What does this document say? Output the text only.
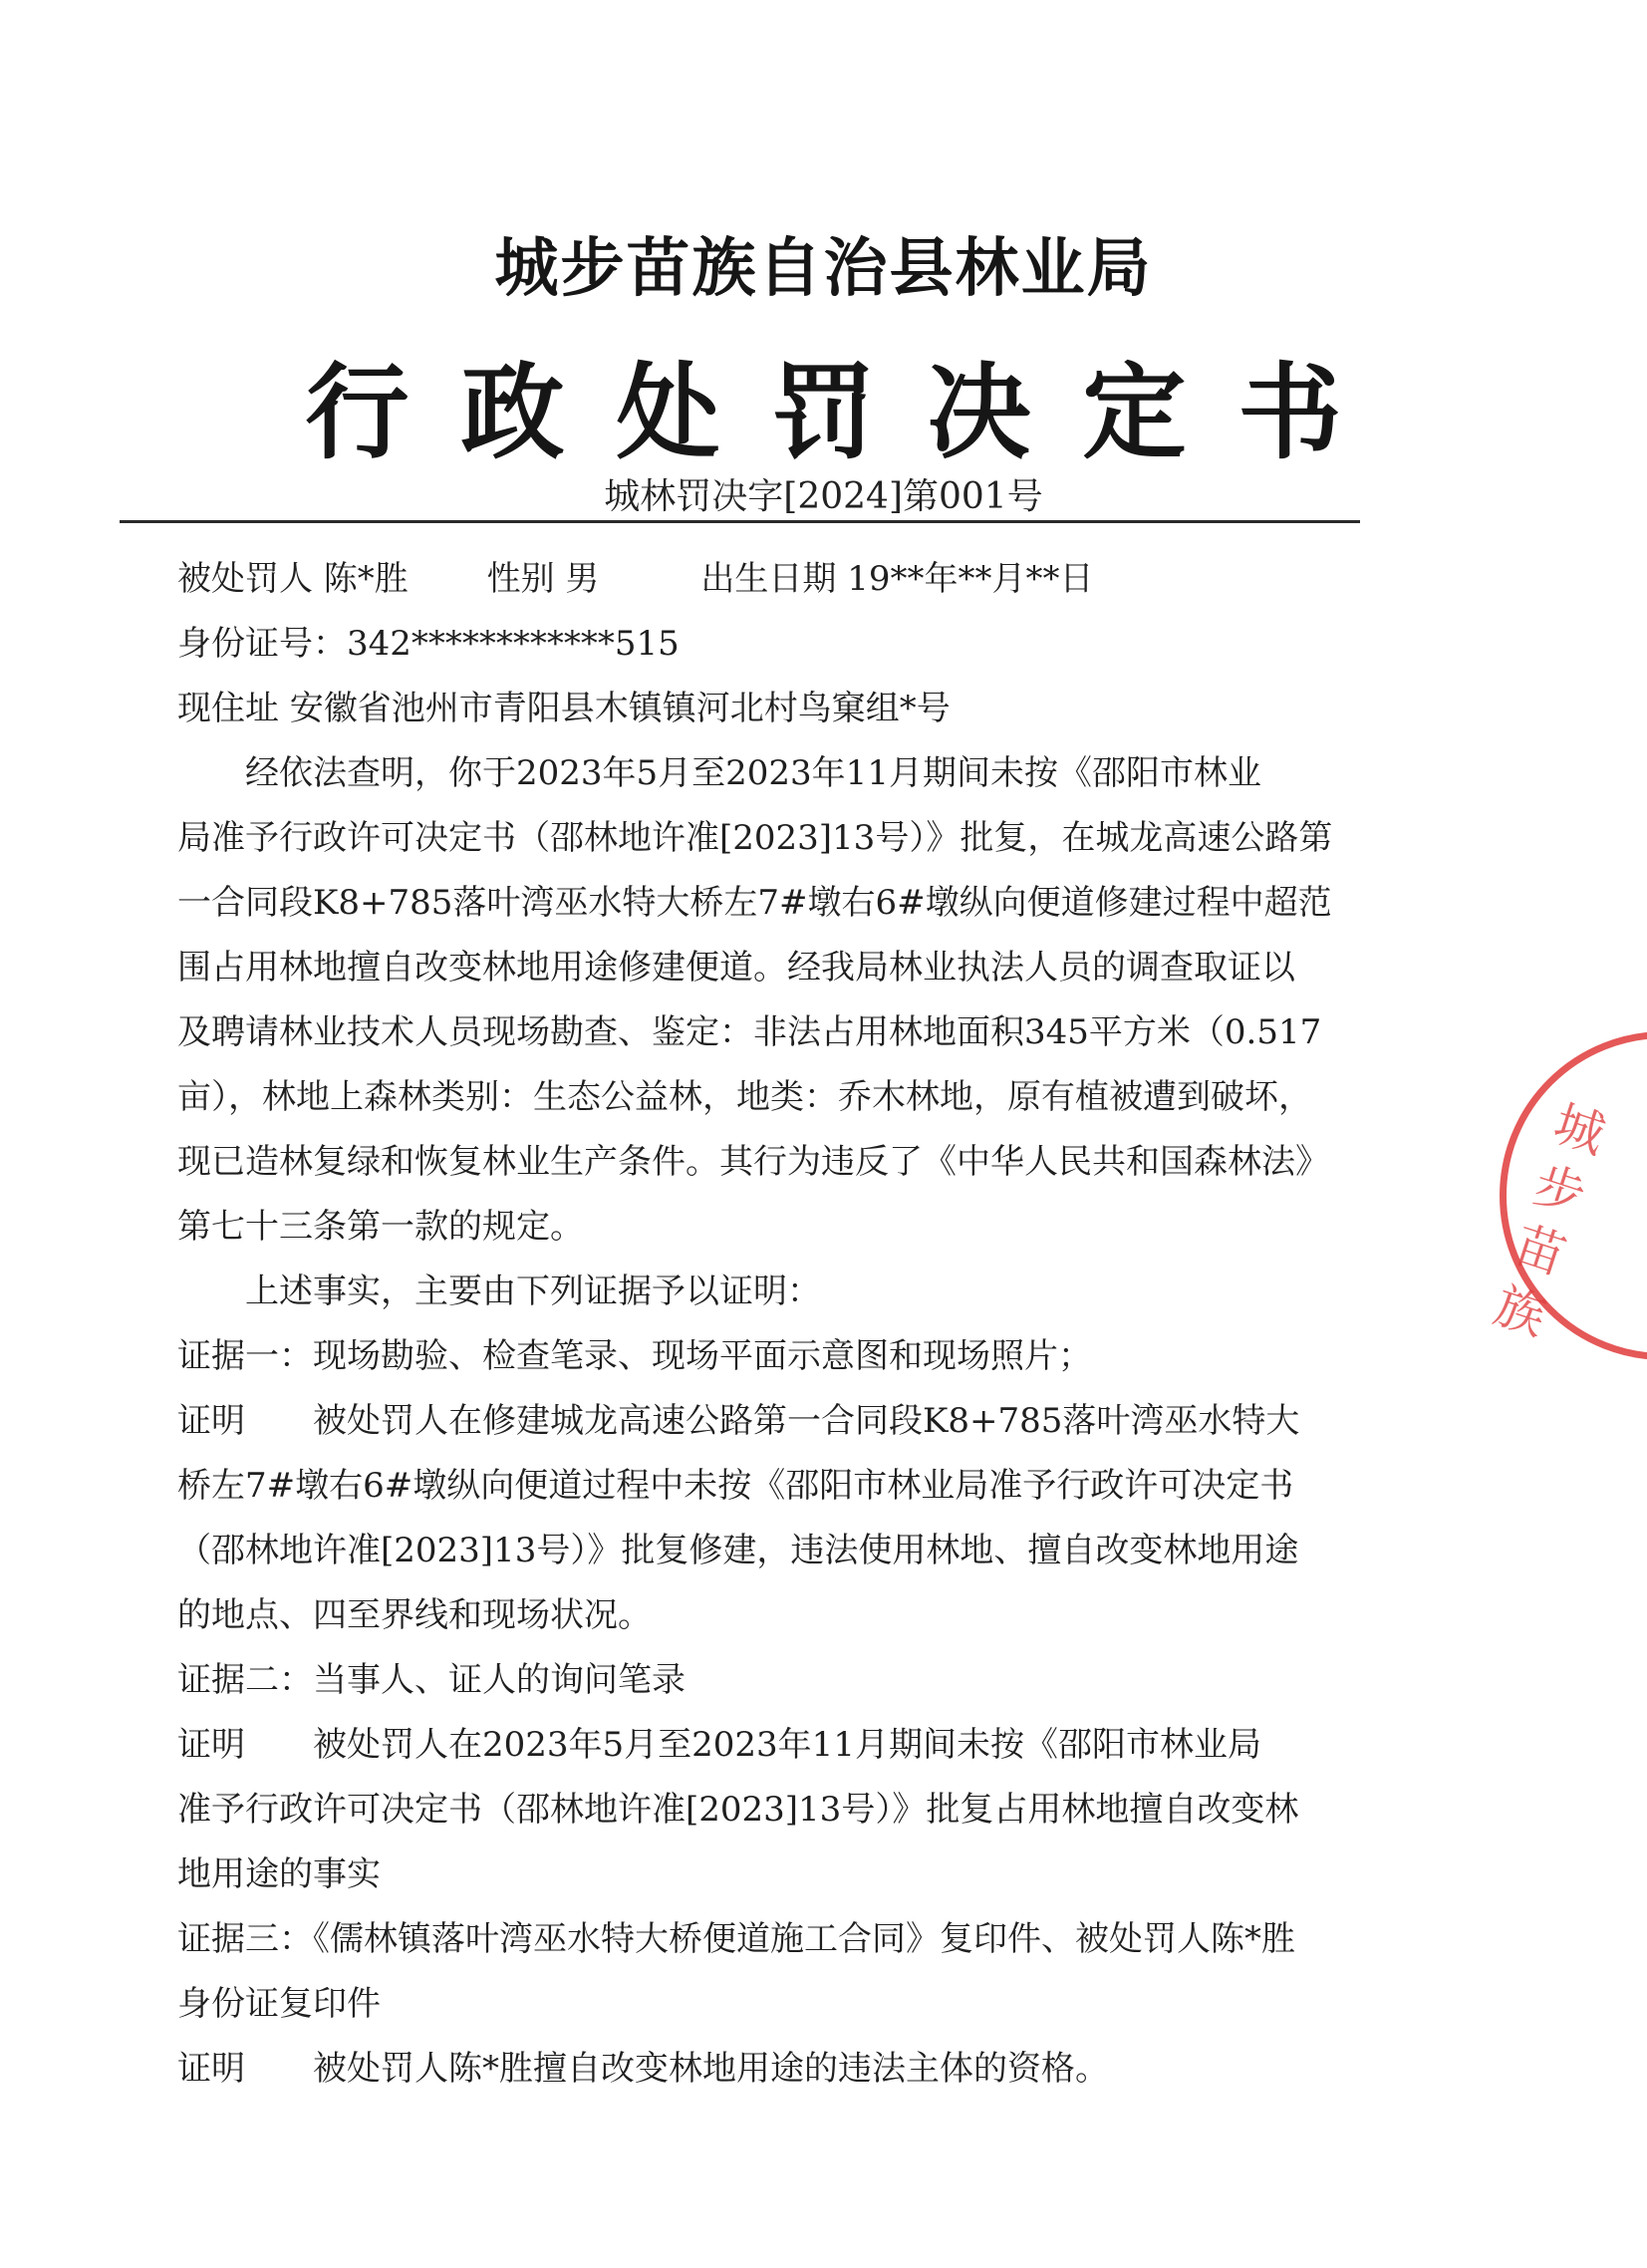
城步苗族自治县林业局
行政处罚决定书
城林罚决字[2024]第001号
被处罚人 陈*胜　　 性别 男　　　出生日期 19**年**月**日
身份证号：342************515
现住址 安徽省池州市青阳县木镇镇河北村鸟窠组*号
　　经依法查明，你于2023年5月至2023年11月期间未按《邵阳市林业
局准予行政许可决定书（邵林地许准[2023]13号）》批复，在城龙高速公路第
一合同段K8+785落叶湾巫水特大桥左7#墩右6#墩纵向便道修建过程中超范
围占用林地擅自改变林地用途修建便道。经我局林业执法人员的调查取证以
及聘请林业技术人员现场勘查、鉴定：非法占用林地面积345平方米（0.517
亩），林地上森林类别：生态公益林，地类：乔木林地，原有植被遭到破坏，
现已造林复绿和恢复林业生产条件。其行为违反了《中华人民共和国森林法》
第七十三条第一款的规定。
　　上述事实，主要由下列证据予以证明：
证据一：现场勘验、检查笔录、现场平面示意图和现场照片；
证明　　被处罚人在修建城龙高速公路第一合同段K8+785落叶湾巫水特大
桥左7#墩右6#墩纵向便道过程中未按《邵阳市林业局准予行政许可决定书
（邵林地许准[2023]13号）》批复修建，违法使用林地、擅自改变林地用途
的地点、四至界线和现场状况。
证据二：当事人、证人的询问笔录
证明　　被处罚人在2023年5月至2023年11月期间未按《邵阳市林业局
准予行政许可决定书（邵林地许准[2023]13号）》批复占用林地擅自改变林
地用途的事实
证据三：《儒林镇落叶湾巫水特大桥便道施工合同》复印件、被处罚人陈*胜
身份证复印件
证明　　被处罚人陈*胜擅自改变林地用途的违法主体的资格。
城步苗族
